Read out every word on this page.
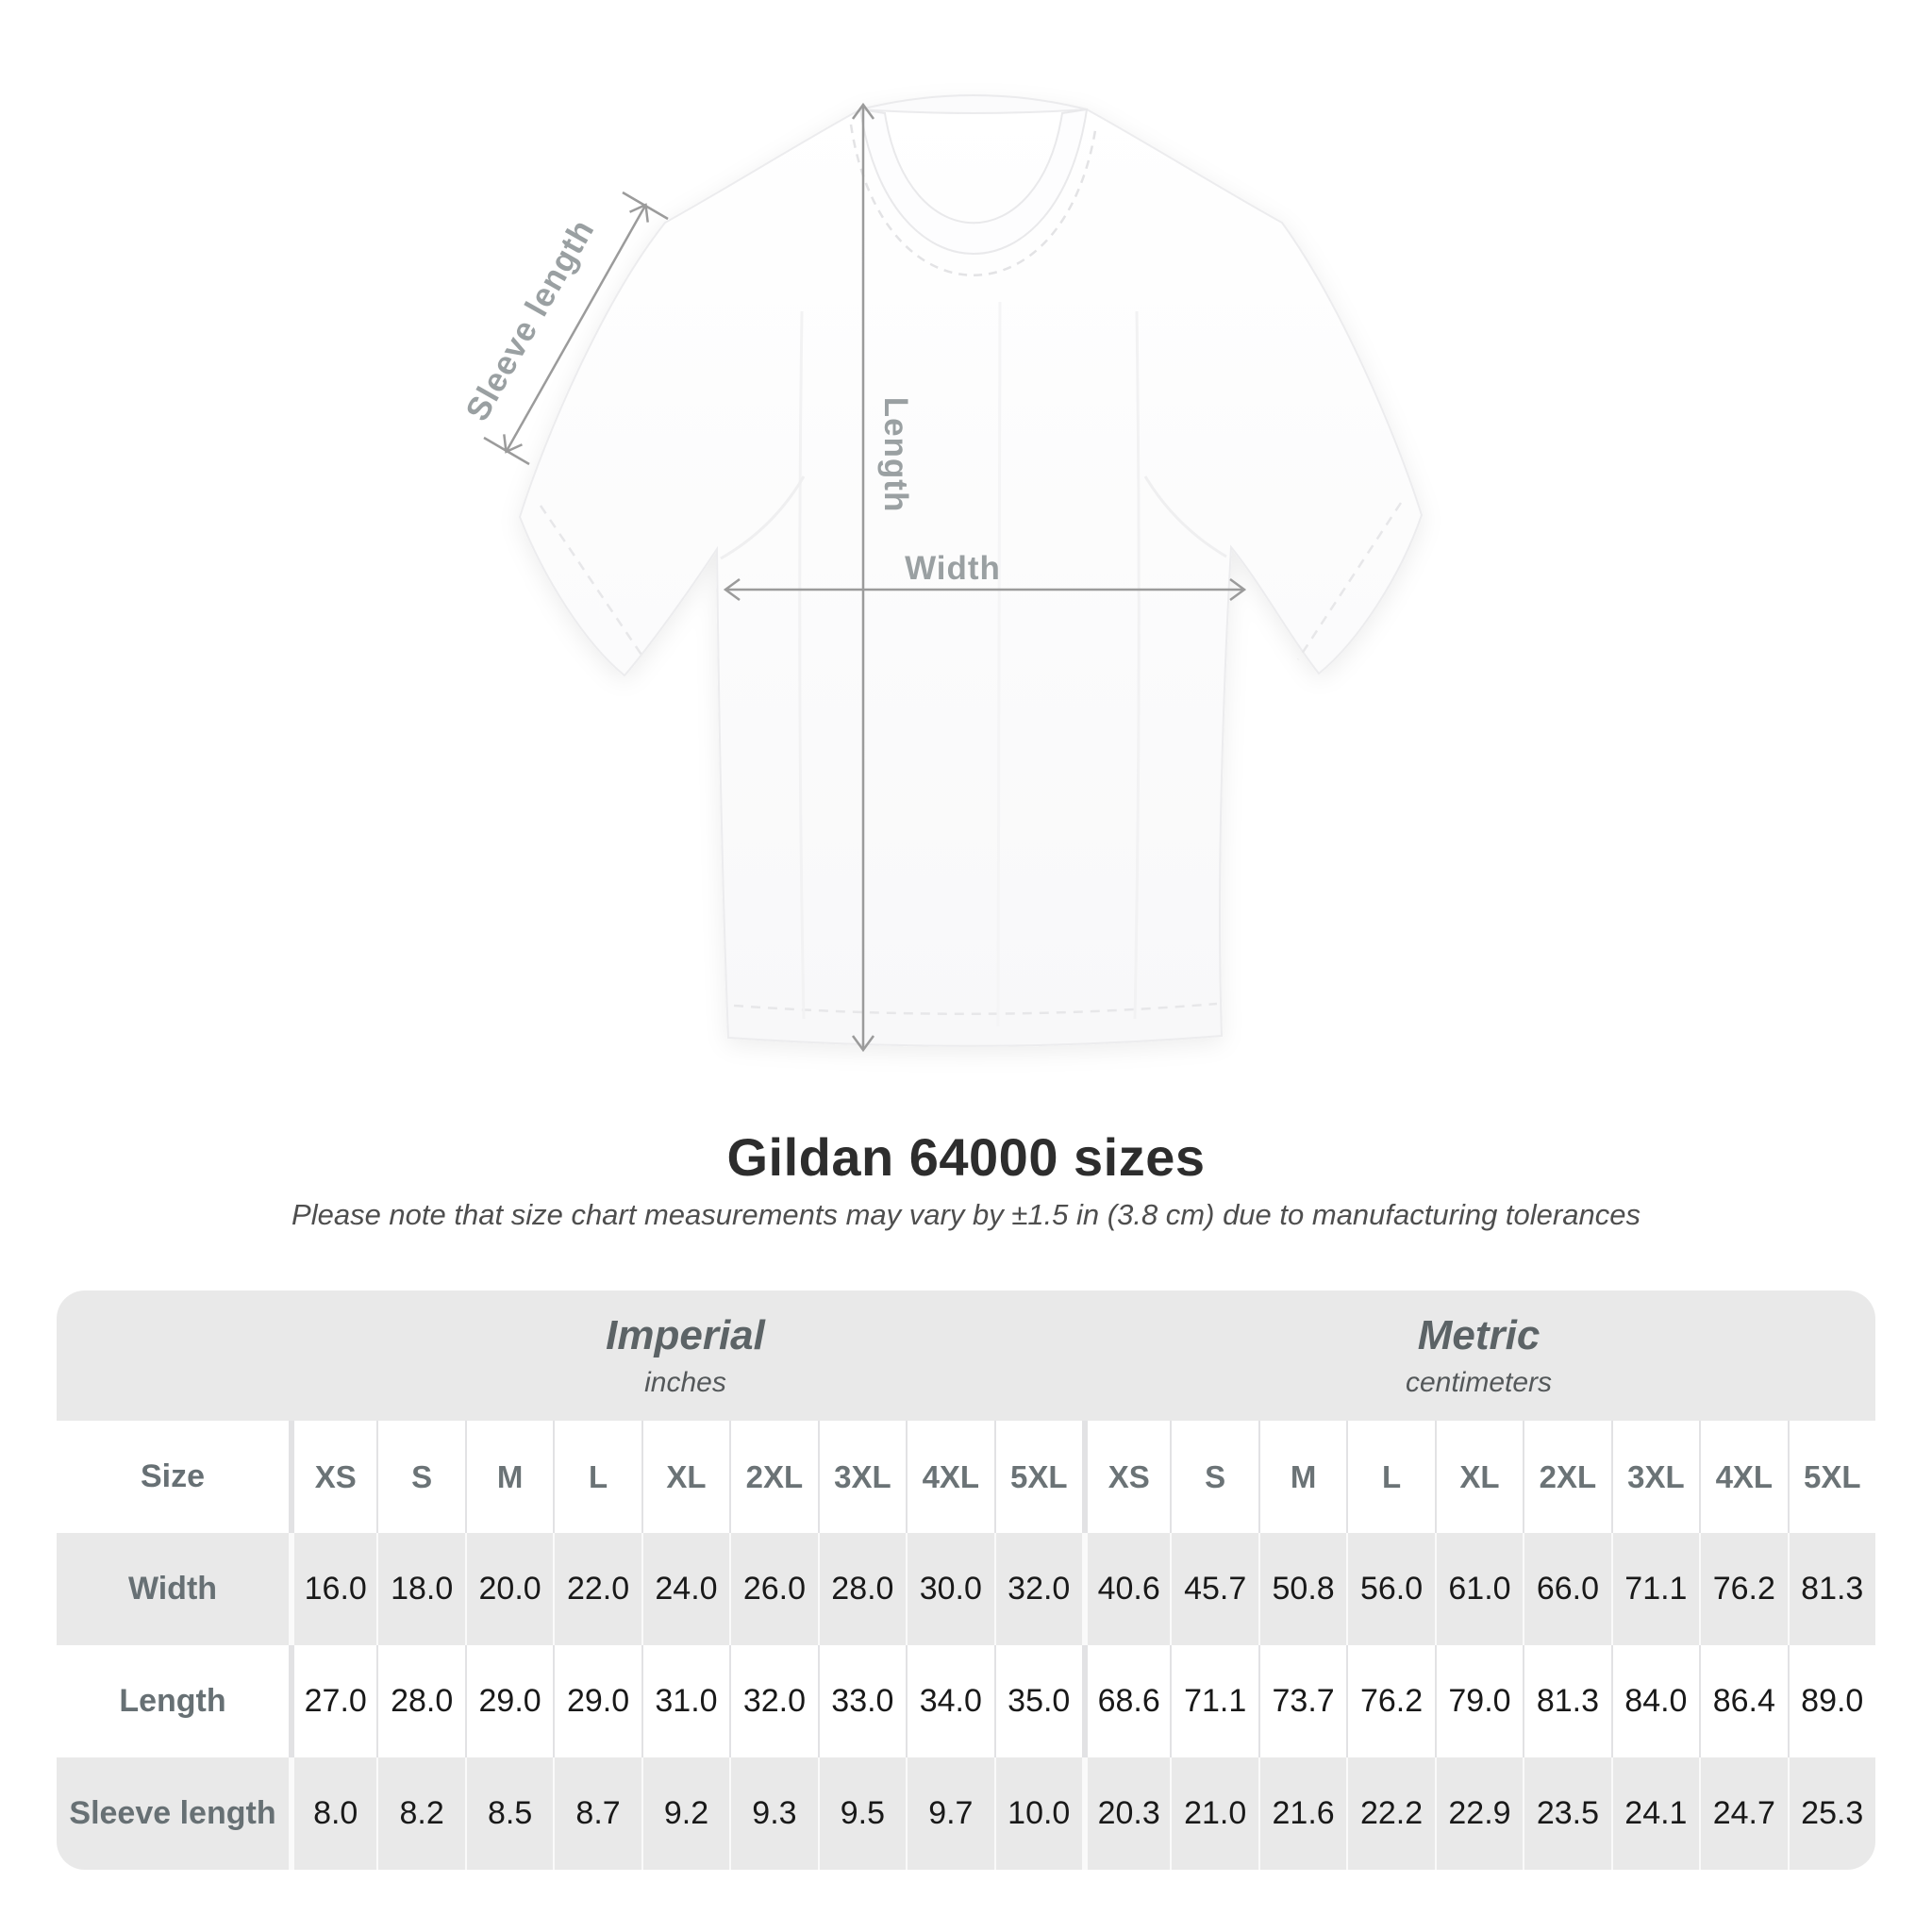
Sleeve length
Length
Width
Gildan 64000 sizes
Please note that size chart measurements may vary by ±1.5 in (3.8 cm) due to manufacturing tolerances
Imperial
inches
Metric
centimeters
Size	XS	S	M	L	XL	2XL 3XL 4XL 5XL	XS	S	M	L	XL	2XL 3XL 4XL 5XL
Width	16.0 18.0 20.0 22.0 24.0 26.0 28.0 30.0 32.0 40.6 45.7 50.8 56.0 61.0 66.0 71.1 76.2 81.3
Length	27.0 28.0 29.0 29.0 31.0 32.0 33.0 34.0 35.0 68.6 71.1 73.7 76.2 79.0 81.3 84.0 86.4 89.0
Sleeve length	8.0	8.2	8.5	8.7	9.2	9.3	9.5	9.7	10.0 20.3 21.0 21.6 22.2 22.9 23.5 24.1 24.7 25.3
